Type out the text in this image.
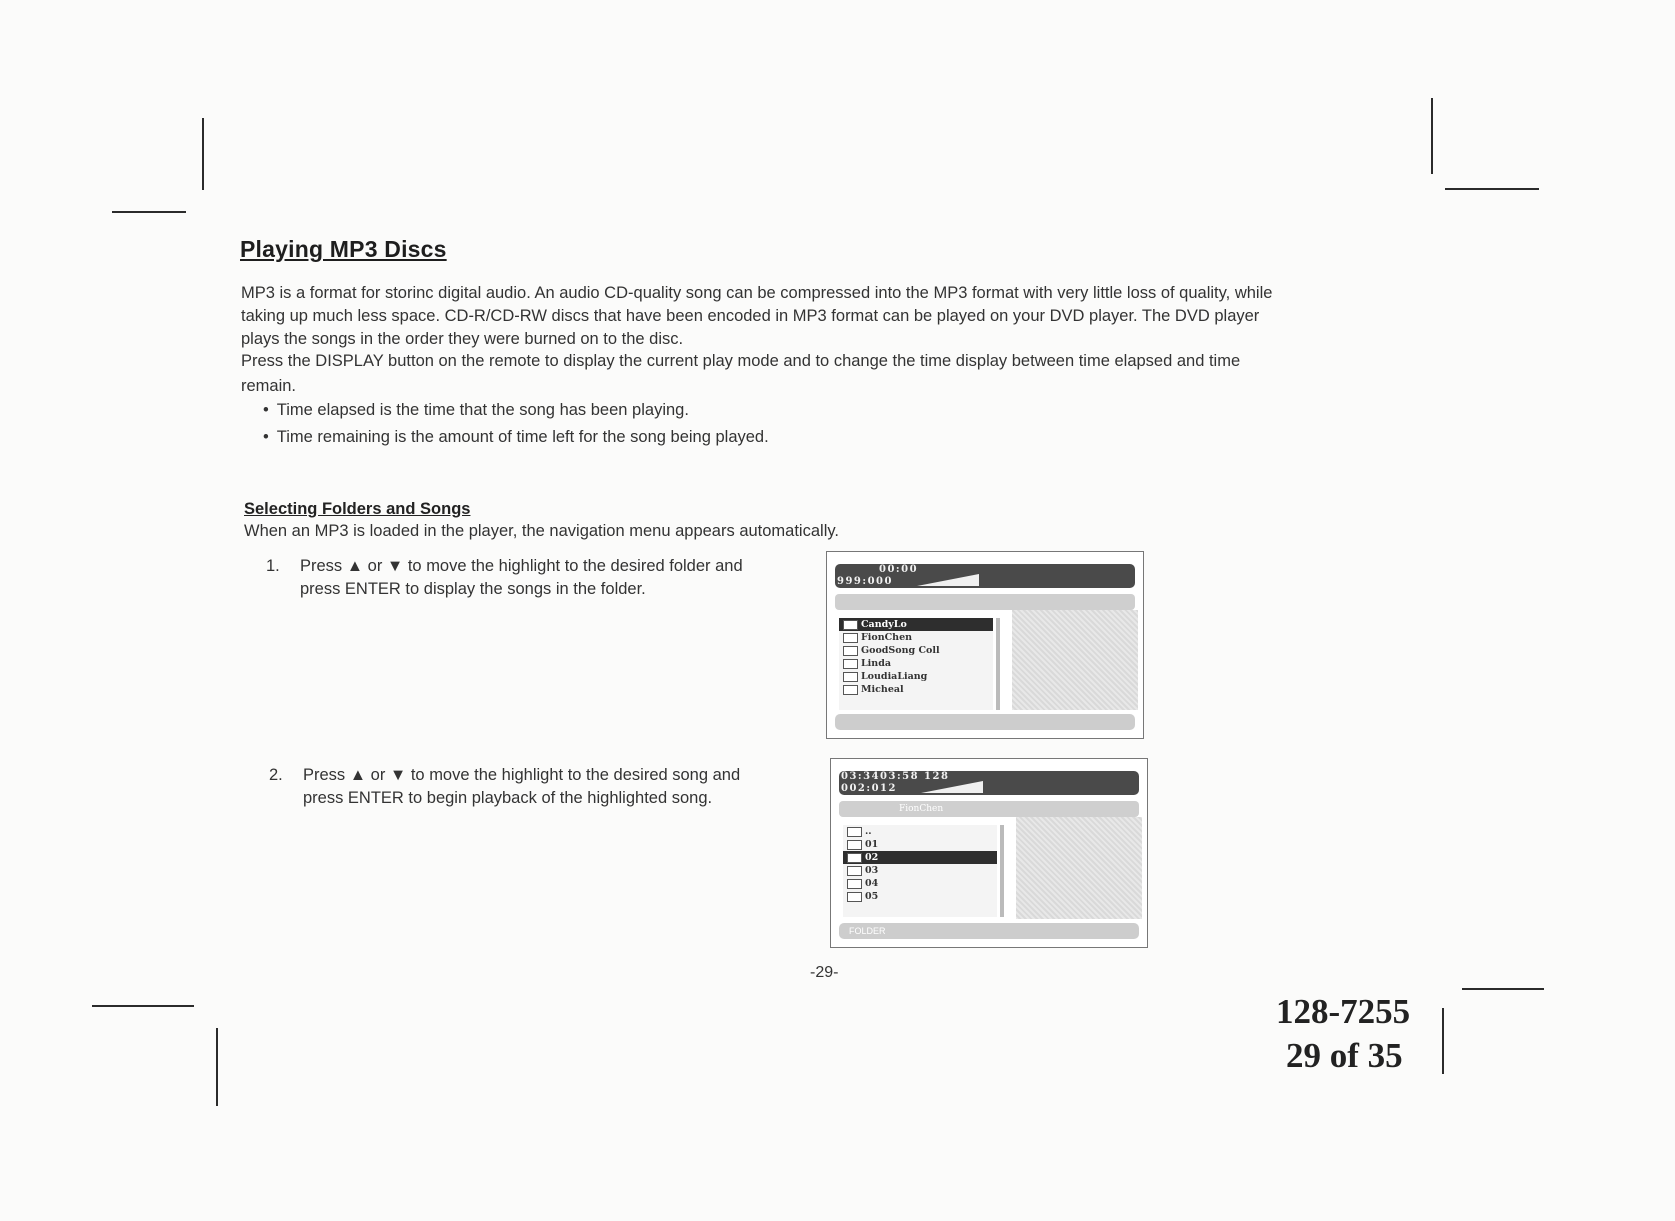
Playing MP3 Discs
MP3 is a format for storinc digital audio. An audio CD-quality song can be compressed into the MP3 format with very little loss of quality, while
taking up much less space. CD-R/CD-RW discs that have been encoded in MP3 format can be played on your DVD player. The DVD player
plays the songs in the order they were burned on to the disc.
Press the DISPLAY button on the remote to display the current play mode and to change the time display between time elapsed and time
remain.
• Time elapsed is the time that the song has been playing.
• Time remaining is the amount of time left for the song being played.
Selecting Folders and Songs
When an MP3 is loaded in the player, the navigation menu appears automatically.
1. Press ▲ or ▼ to move the highlight to the desired folder and
press ENTER to display the songs in the folder.
2. Press ▲ or ▼ to move the highlight to the desired song and
press ENTER to begin playback of the highlighted song.
00:00
999:000
CandyLo
FionChen
GoodSong Coll
Linda
LoudiaLiang
Micheal
03:3403:58 128
002:012
FionChen
..
01
02
03
04
05
FOLDER
-29-
128-7255
29 of 35
